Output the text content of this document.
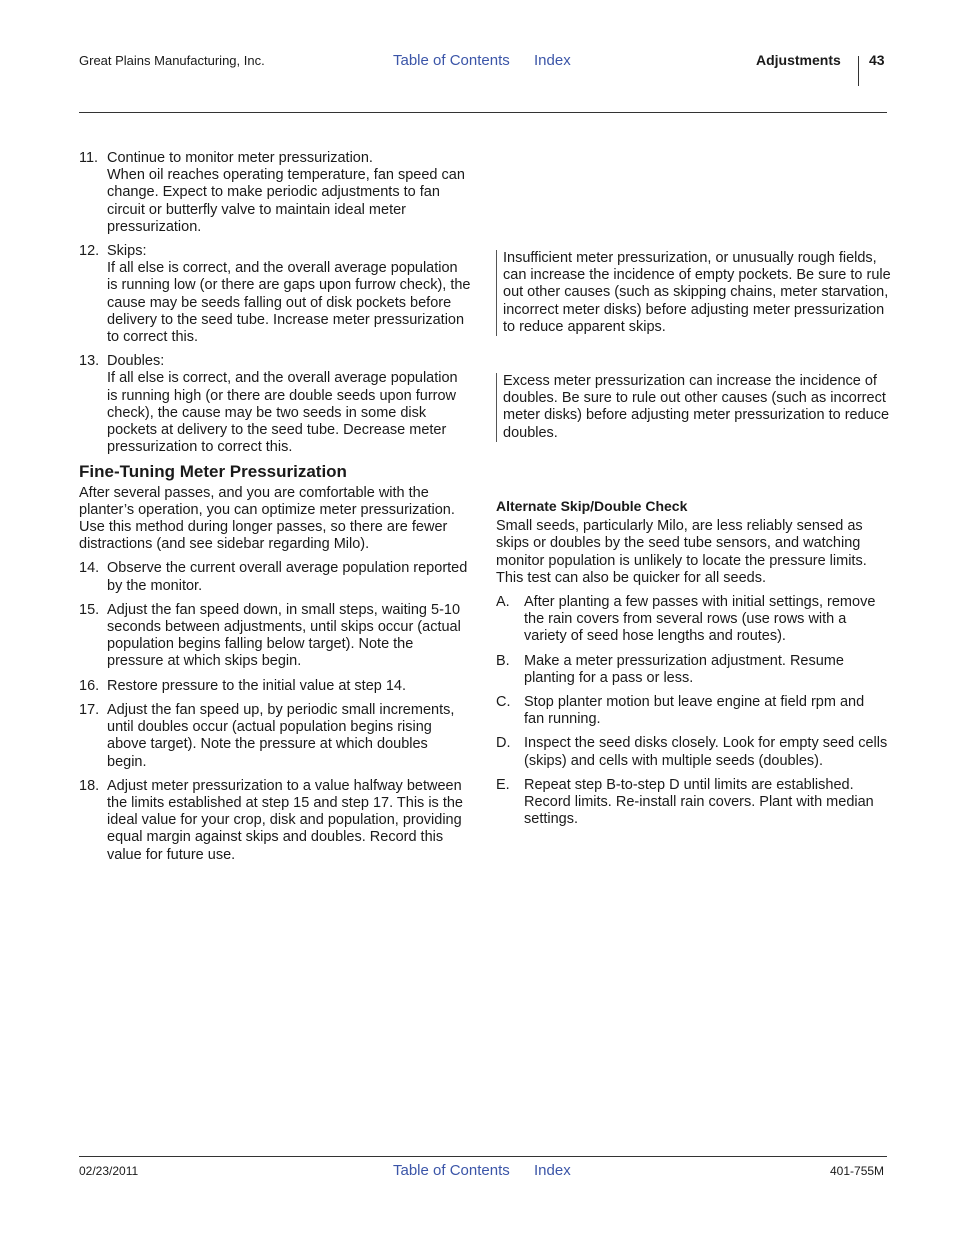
Great Plains Manufacturing, Inc.	Table of Contents Index	Adjustments 43
11. Continue to monitor meter pressurization.
When oil reaches operating temperature, fan speed can change. Expect to make periodic adjustments to fan circuit or butterfly valve to maintain ideal meter pressurization.
12. Skips:
If all else is correct, and the overall average population is running low (or there are gaps upon furrow check), the cause may be seeds falling out of disk pockets before delivery to the seed tube. Increase meter pressurization to correct this.
13. Doubles:
If all else is correct, and the overall average population is running high (or there are double seeds upon furrow check), the cause may be two seeds in some disk pockets at delivery to the seed tube. Decrease meter pressurization to correct this.
Fine-Tuning Meter Pressurization

After several passes, and you are comfortable with the planter’s operation, you can optimize meter pressurization. Use this method during longer passes, so there are fewer distractions (and see sidebar regarding Milo).

14. Observe the current overall average population reported by the monitor.
15. Adjust the fan speed down, in small steps, waiting 5-10 seconds between adjustments, until skips occur (actual population begins falling below target). Note the pressure at which skips begin.
16. Restore pressure to the initial value at step 14.
17. Adjust the fan speed up, by periodic small increments, until doubles occur (actual population begins rising above target). Note the pressure at which doubles begin.
18. Adjust meter pressurization to a value halfway between the limits established at step 15 and step 17. This is the ideal value for your crop, disk and population, providing equal margin against skips and doubles. Record this value for future use.
Insufficient meter pressurization, or unusually rough fields, can increase the incidence of empty pockets. Be sure to rule out other causes (such as skipping chains, meter starvation, incorrect meter disks) before adjusting meter pressurization to reduce apparent skips.
Excess meter pressurization can increase the incidence of doubles. Be sure to rule out other causes (such as incorrect meter disks) before adjusting meter pressurization to reduce doubles.
Alternate Skip/Double Check

Small seeds, particularly Milo, are less reliably sensed as skips or doubles by the seed tube sensors, and watching monitor population is unlikely to locate the pressure limits. This test can also be quicker for all seeds.

A. After planting a few passes with initial settings, remove the rain covers from several rows (use rows with a variety of seed hose lengths and routes).
B. Make a meter pressurization adjustment. Resume planting for a pass or less.
C. Stop planter motion but leave engine at field rpm and fan running.
D. Inspect the seed disks closely. Look for empty seed cells (skips) and cells with multiple seeds (doubles).
E. Repeat step B-to-step D until limits are established. Record limits. Re-install rain covers. Plant with median settings.
02/23/2011	Table of Contents Index	401-755M
